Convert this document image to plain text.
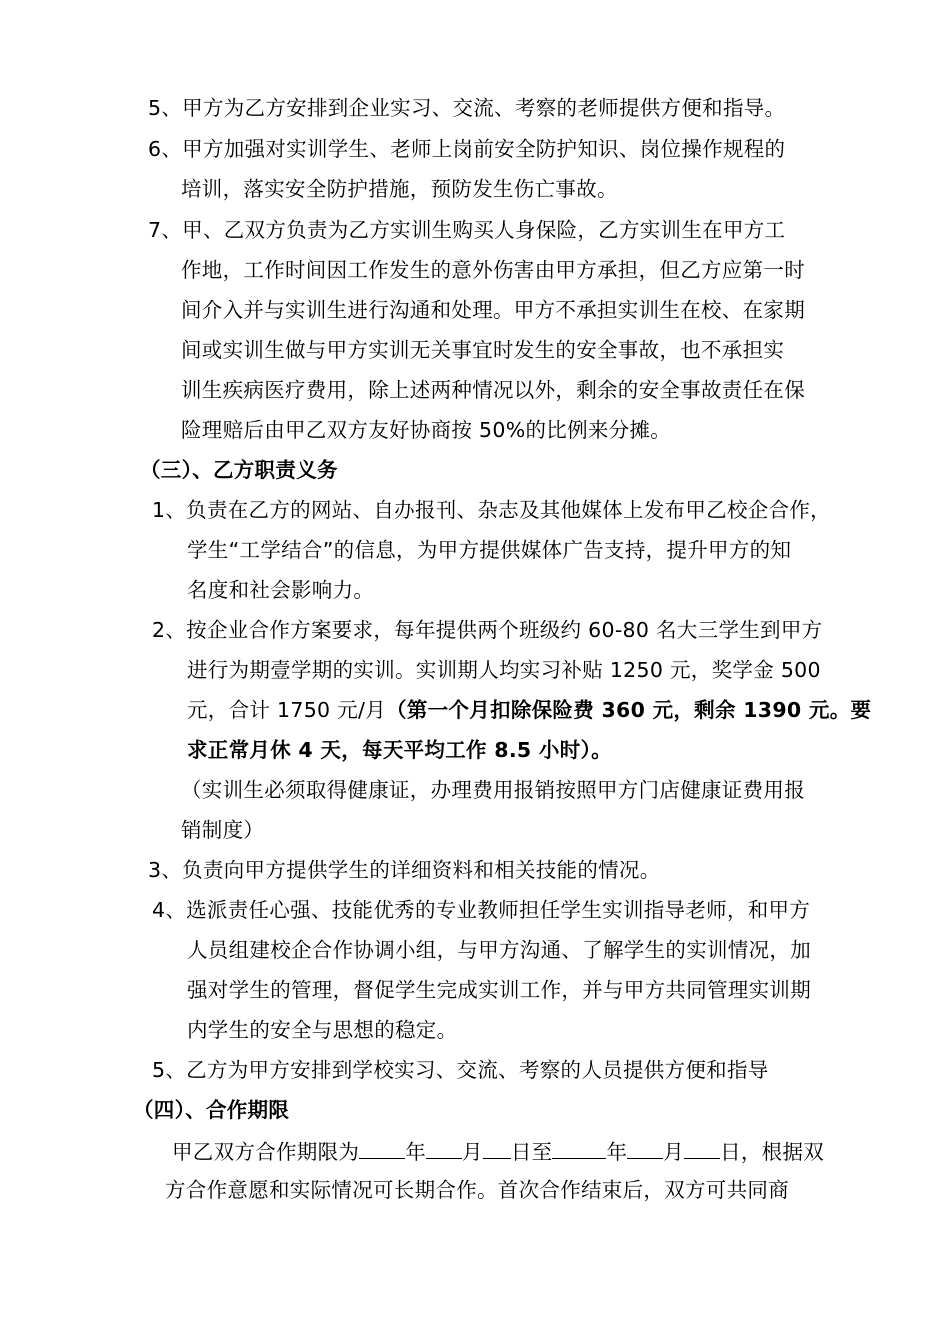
5、甲方为乙方安排到企业实习、交流、考察的老师提供方便和指导。
6、甲方加强对实训学生、老师上岗前安全防护知识、岗位操作规程的
培训，落实安全防护措施，预防发生伤亡事故。
7、甲、乙双方负责为乙方实训生购买人身保险，乙方实训生在甲方工
作地，工作时间因工作发生的意外伤害由甲方承担，但乙方应第一时
间介入并与实训生进行沟通和处理。甲方不承担实训生在校、在家期
间或实训生做与甲方实训无关事宜时发生的安全事故，也不承担实
训生疾病医疗费用，除上述两种情况以外，剩余的安全事故责任在保
险理赔后由甲乙双方友好协商按 50%的比例来分摊。
（三）、乙方职责义务
1、负责在乙方的网站、自办报刊、杂志及其他媒体上发布甲乙校企合作，
学生“工学结合”的信息，为甲方提供媒体广告支持，提升甲方的知
名度和社会影响力。
2、按企业合作方案要求，每年提供两个班级约 60-80 名大三学生到甲方
进行为期壹学期的实训。实训期人均实习补贴 1250 元，奖学金 500
元，合计 1750 元/月（第一个月扣除保险费 360 元，剩余 1390 元。要
求正常月休 4 天，每天平均工作 8.5 小时）。
（实训生必须取得健康证，办理费用报销按照甲方门店健康证费用报
销制度）
3、负责向甲方提供学生的详细资料和相关技能的情况。
4、选派责任心强、技能优秀的专业教师担任学生实训指导老师，和甲方
人员组建校企合作协调小组，与甲方沟通、了解学生的实训情况，加
强对学生的管理，督促学生完成实训工作，并与甲方共同管理实训期
内学生的安全与思想的稳定。
5、乙方为甲方安排到学校实习、交流、考察的人员提供方便和指导
（四）、合作期限
甲乙双方合作期限为 年 月 日至	年 月 日，根据双
方合作意愿和实际情况可长期合作。首次合作结束后，双方可共同商
